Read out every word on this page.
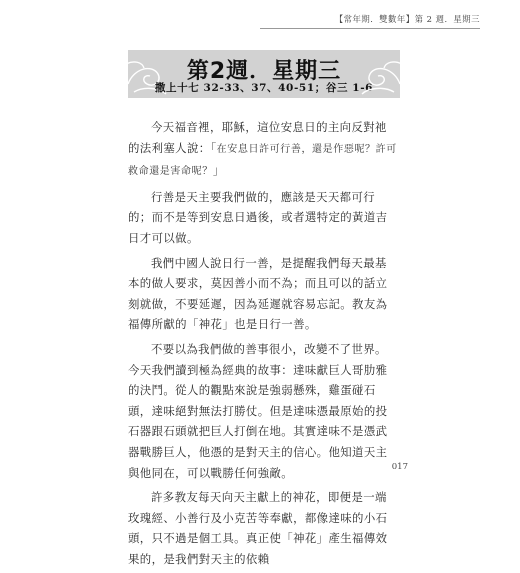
【常年期．雙數年】第 2 週．星期三
第2週．星期三
撒上十七 32-33、37、40-51；谷三 1-6

今天福音裡，耶穌，這位安息日的主向反對祂的法利塞人說：「在安息日許可行善，還是作惡呢？許可救命還是害命呢？」

行善是天主要我們做的，應該是天天都可行的；而不是等到安息日過後，或者選特定的黃道吉日才可以做。

我們中國人說日行一善，是提醒我們每天最基本的做人要求，莫因善小而不為；而且可以的話立刻就做，不要延遲，因為延遲就容易忘記。教友為福傳所獻的「神花」也是日行一善。

不要以為我們做的善事很小，改變不了世界。今天我們讀到極為經典的故事：達味獻巨人哥肋雅的決鬥。從人的觀點來說是強弱懸殊，雞蛋碰石頭，達味絕對無法打勝仗。但是達味憑最原始的投石器跟石頭就把巨人打倒在地。其實達味不是憑武器戰勝巨人，他憑的是對天主的信心。他知道天主與他同在，可以戰勝任何強敵。

許多教友每天向天主獻上的神花，即便是一端玫瑰經、小善行及小克苦等奉獻，都像達味的小石頭，只不過是個工具。真正使「神花」產生福傳效果的，是我們對天主的依賴

017
